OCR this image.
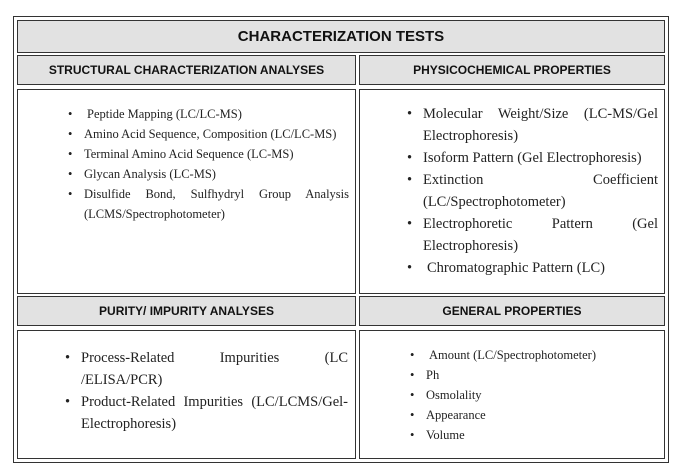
CHARACTERIZATION TESTS
STRUCTURAL CHARACTERIZATION ANALYSES	PHYSICOCHEMICAL PROPERTIES
• Peptide Mapping (LC/LC-MS)
• Amino Acid Sequence, Composition (LC/LC-MS)
• Terminal Amino Acid Sequence (LC-MS)
• Glycan Analysis (LC-MS)
• Disulfide Bond, Sulfhydryl Group Analysis (LCMS/Spectrophotometer)
• Molecular Weight/Size (LC-MS/Gel Electrophoresis)
• Isoform Pattern (Gel Electrophoresis)
• Extinction Coefficient (LC/Spectrophotometer)
• Electrophoretic Pattern (Gel Electrophoresis)
• Chromatographic Pattern (LC)
PURITY/ IMPURITY ANALYSES	GENERAL PROPERTIES
• Process-Related Impurities (LC /ELISA/PCR)
• Product-Related Impurities (LC/LCMS/Gel-Electrophoresis)
• Amount (LC/Spectrophotometer)
• Ph
• Osmolality
• Appearance
• Volume
